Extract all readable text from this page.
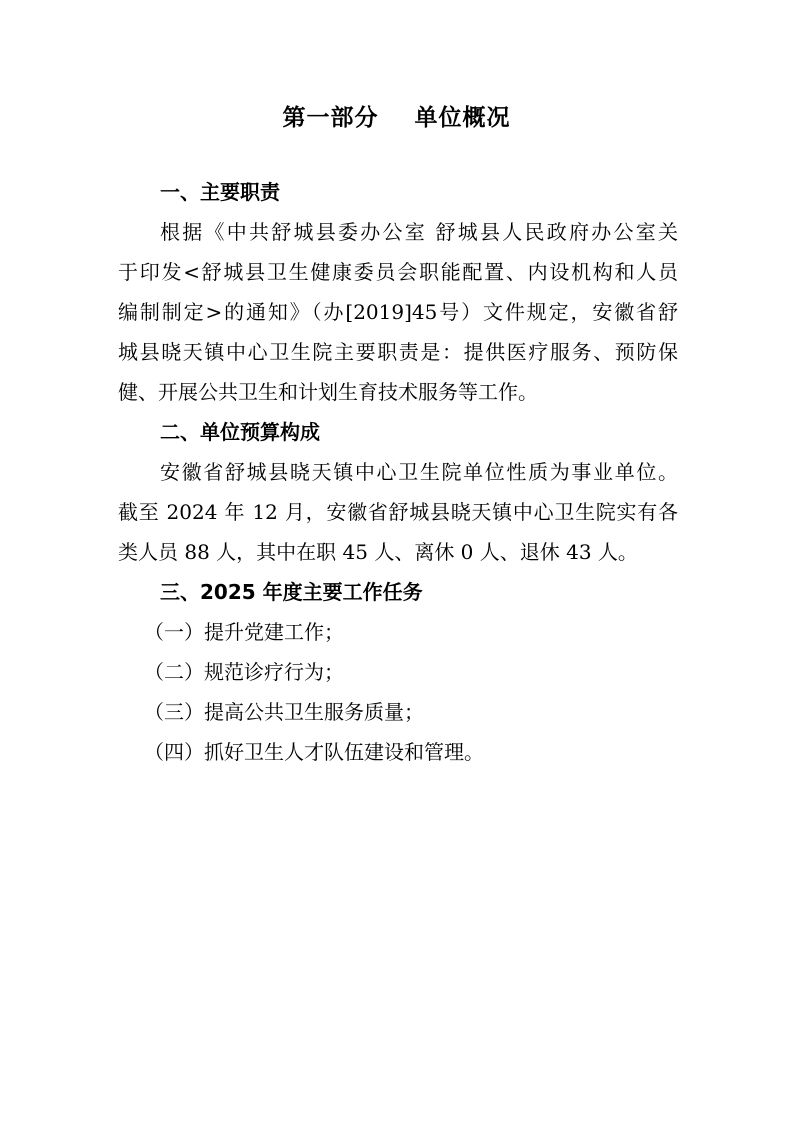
第一部分    单位概况
一、主要职责
根据《中共舒城县委办公室 舒城县人民政府办公室关
于印发<舒城县卫生健康委员会职能配置、内设机构和人员
编制制定>的通知》（办[2019]45号）文件规定，安徽省舒
城县晓天镇中心卫生院主要职责是：提供医疗服务、预防保
健、开展公共卫生和计划生育技术服务等工作。
二、单位预算构成
安徽省舒城县晓天镇中心卫生院单位性质为事业单位。
截至 2024 年 12 月，安徽省舒城县晓天镇中心卫生院实有各
类人员 88 人，其中在职 45 人、离休 0 人、退休 43 人。
三、2025 年度主要工作任务
（一）提升党建工作；
（二）规范诊疗行为；
（三）提高公共卫生服务质量；
（四）抓好卫生人才队伍建设和管理。
